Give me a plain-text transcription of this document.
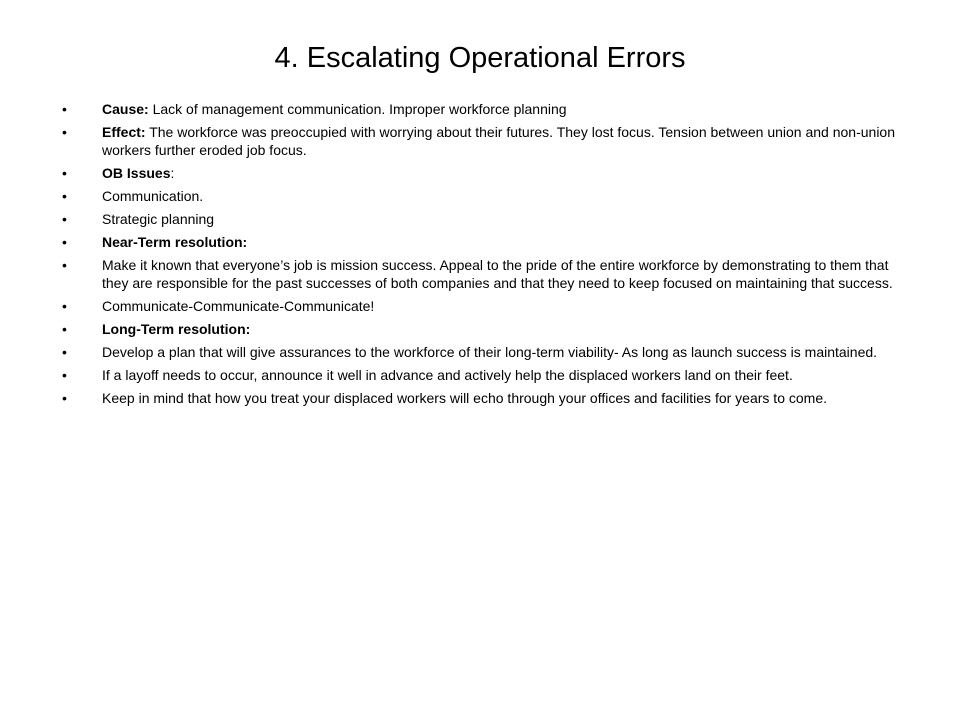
4. Escalating Operational Errors
•	Cause: Lack of management communication. Improper workforce planning
•	Effect: The workforce was preoccupied with worrying about their futures. They lost focus. Tension between union and non-union workers further eroded job focus.
•	OB Issues:
•	Communication.
•	Strategic planning
•	Near-Term resolution:
•	Make it known that everyone’s job is mission success. Appeal to the pride of the entire workforce by demonstrating to them that they are responsible for the past successes of both companies and that they need to keep focused on maintaining that success.
•	Communicate-Communicate-Communicate!
•	Long-Term resolution:
•	Develop a plan that will give assurances to the workforce of their long-term viability- As long as launch success is maintained.
•	If a layoff needs to occur, announce it well in advance and actively help the displaced workers land on their feet.
•	Keep in mind that how you treat your displaced workers will echo through your offices and facilities for years to come.
